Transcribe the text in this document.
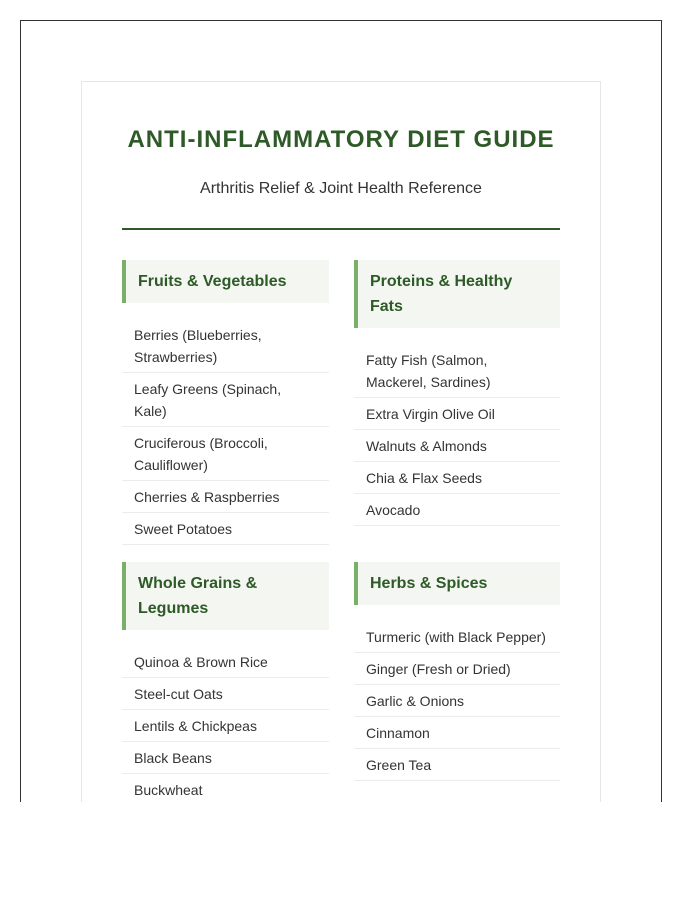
ANTI-INFLAMMATORY DIET GUIDE
Arthritis Relief & Joint Health Reference
Fruits & Vegetables
Berries (Blueberries, Strawberries)
Leafy Greens (Spinach, Kale)
Cruciferous (Broccoli, Cauliflower)
Cherries & Raspberries
Sweet Potatoes
Proteins & Healthy Fats
Fatty Fish (Salmon, Mackerel, Sardines)
Extra Virgin Olive Oil
Walnuts & Almonds
Chia & Flax Seeds
Avocado
Whole Grains & Legumes
Quinoa & Brown Rice
Steel-cut Oats
Lentils & Chickpeas
Black Beans
Buckwheat
Herbs & Spices
Turmeric (with Black Pepper)
Ginger (Fresh or Dried)
Garlic & Onions
Cinnamon
Green Tea
